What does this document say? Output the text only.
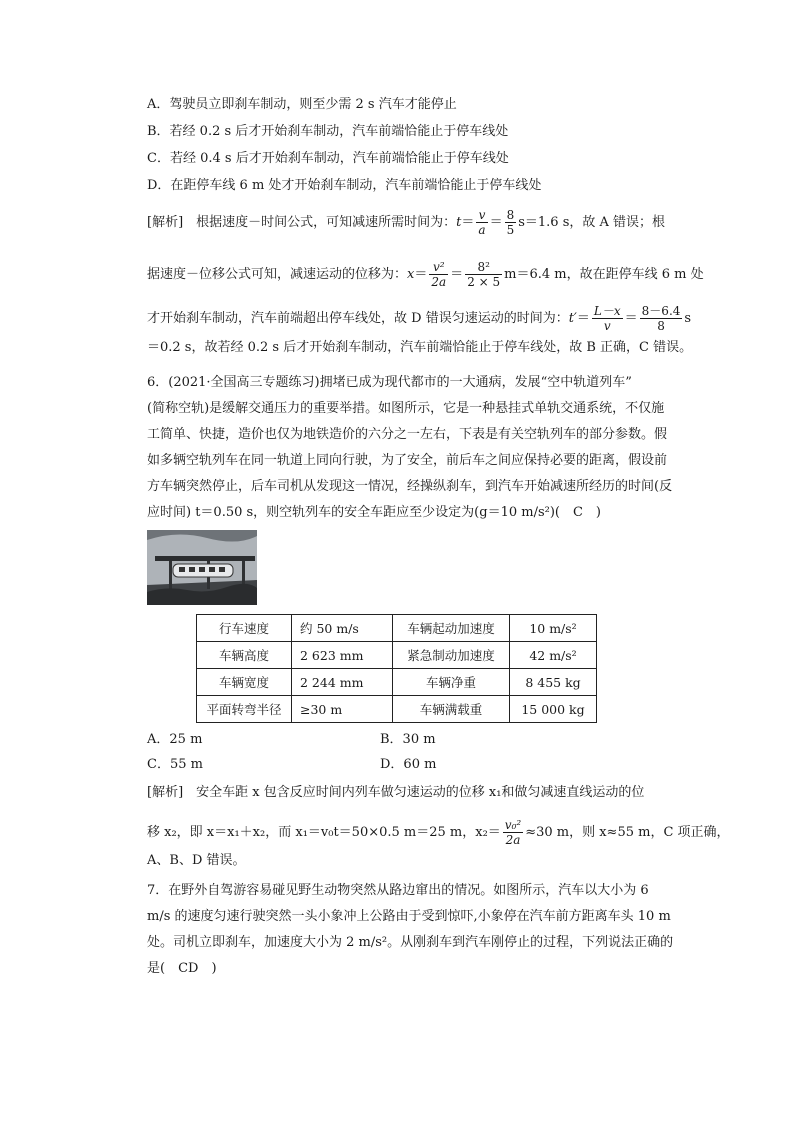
A．驾驶员立即刹车制动，则至少需 2 s 汽车才能停止
B．若经 0.2 s 后才开始刹车制动，汽车前端恰能止于停车线处
C．若经 0.4 s 后才开始刹车制动，汽车前端恰能止于停车线处
D．在距停车线 6 m 处才开始刹车制动，汽车前端恰能止于停车线处
[解析]　根据速度－时间公式，可知减速所需时间为：$t= \frac{v}{a} = \frac{8}{5} s=1.6$ s，故 A 错误；根
据速度－位移公式可知，减速运动的位移为：$x= \frac{\text{v²}}{2a} = \frac{\text{8²}}{2 \times 5} m=6.4$ m，故在距停车线 6 m 处
才开始刹车制动，汽车前端超出停车线处，故 D 错误匀速运动的时间为：$t'= \frac{L-x}{v} = \frac{8-6.4}{8}$ s
＝0.2 s，故若经 0.2 s 后才开始刹车制动，汽车前端恰能止于停车线处，故 B 正确，C 错误。
6．(2021·全国高三专题练习)拥堵已成为现代都市的一大通病，发展“空中轨道列车”
(简称空轨)是缓解交通压力的重要举措。如图所示，它是一种悬挂式单轨交通系统，不仅施
工简单、快捷，造价也仅为地铁造价的六分之一左右，下表是有关空轨列车的部分参数。假
如多辆空轨列车在同一轨道上同向行驶，为了安全，前后车之间应保持必要的距离，假设前
方车辆突然停止，后车司机从发现这一情况，经操纵刹车，到汽车开始减速所经历的时间(反
应时间) t＝0.50 s，则空轨列车的安全车距应至少设定为(g＝10 m/s²)(　C　)
行车速度	约 50 m/s	车辆起动加速度	10 m/s²
车辆高度	2 623 mm	紧急制动加速度	42 m/s²
车辆宽度	2 244 mm	车辆净重	8 455 kg
平面转弯半径	≥30 m	车辆满载重	15 000 kg
A．25 m	B．30 m
C．55 m	D．60 m
[解析]　安全车距 x 包含反应时间内列车做匀速运动的位移 x₁和做匀减速直线运动的位
移 x₂，即 x＝x₁＋x₂，而 x₁＝v₀t＝50×0.5 m＝25 m，$x_2= \frac{\text{v₀²}}{2a} \approx 30$ m，则 x≈55 m，C 项正确，
A、B、D 错误。
7．在野外自驾游容易碰见野生动物突然从路边窜出的情况。如图所示，汽车以大小为 6
m/s 的速度匀速行驶突然一头小象冲上公路由于受到惊吓,小象停在汽车前方距离车头 10 m
处。司机立即刹车，加速度大小为 2 m/s²。从刚刹车到汽车刚停止的过程，下列说法正确的
是(　CD　)
